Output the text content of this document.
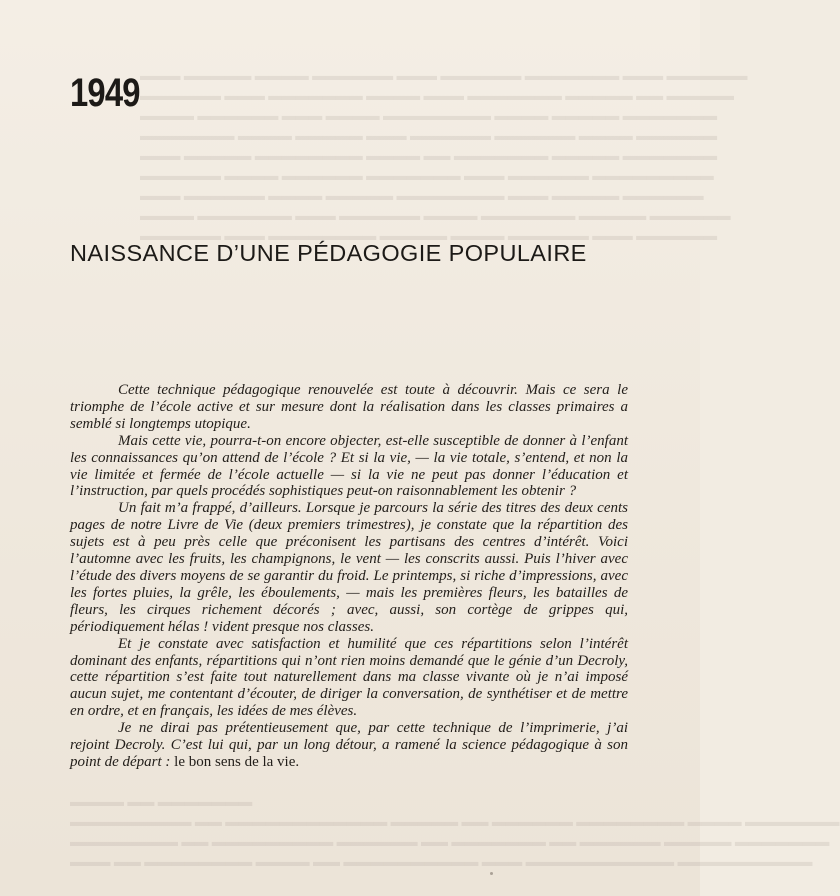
▬▬▬ ▬▬▬▬▬ ▬▬▬▬ ▬▬▬▬▬▬ ▬▬▬ ▬▬▬▬▬▬ ▬▬▬▬▬▬▬ ▬▬▬ ▬▬▬▬▬▬
▬▬▬▬▬▬ ▬▬▬ ▬▬▬▬▬▬▬ ▬▬▬▬ ▬▬▬ ▬▬▬▬▬▬▬ ▬▬▬▬▬ ▬▬ ▬▬▬▬▬
▬▬▬▬ ▬▬▬▬▬▬ ▬▬▬ ▬▬▬▬ ▬▬▬▬▬▬▬▬ ▬▬▬▬ ▬▬▬▬▬ ▬▬▬▬▬▬▬
▬▬▬▬▬▬▬ ▬▬▬▬ ▬▬▬▬▬ ▬▬▬ ▬▬▬▬▬▬ ▬▬▬▬▬▬ ▬▬▬▬ ▬▬▬▬▬▬
▬▬▬ ▬▬▬▬▬ ▬▬▬▬▬▬▬▬ ▬▬▬▬ ▬▬ ▬▬▬▬▬▬▬ ▬▬▬▬▬ ▬▬▬▬▬▬▬
▬▬▬▬▬▬ ▬▬▬▬ ▬▬▬▬▬▬ ▬▬▬▬▬▬▬ ▬▬▬ ▬▬▬▬▬▬ ▬▬▬▬▬▬▬▬▬
▬▬▬ ▬▬▬▬▬▬ ▬▬▬▬ ▬▬▬▬▬ ▬▬▬▬▬▬▬▬ ▬▬▬ ▬▬▬▬▬ ▬▬▬▬▬▬
▬▬▬▬ ▬▬▬▬▬▬▬ ▬▬▬ ▬▬▬▬▬▬ ▬▬▬▬ ▬▬▬▬▬▬▬ ▬▬▬▬▬ ▬▬▬▬▬▬
▬▬▬▬▬▬ ▬▬▬ ▬▬▬▬▬▬▬▬ ▬▬▬▬▬ ▬▬▬▬ ▬▬▬▬▬▬ ▬▬▬ ▬▬▬▬▬▬
▬▬▬▬ ▬▬ ▬▬▬▬▬▬▬
▬▬▬▬▬▬▬▬▬ ▬▬ ▬▬▬▬▬▬▬▬▬▬▬▬ ▬▬▬▬▬ ▬▬ ▬▬▬▬▬▬ ▬▬▬▬▬▬▬▬ ▬▬▬▬ ▬▬▬▬▬▬▬
▬▬▬▬▬▬▬▬ ▬▬ ▬▬▬▬▬▬▬▬▬ ▬▬▬▬▬▬ ▬▬ ▬▬▬▬▬▬▬ ▬▬ ▬▬▬▬▬▬ ▬▬▬▬▬ ▬▬▬▬▬▬▬
▬▬▬ ▬▬ ▬▬▬▬▬▬▬▬ ▬▬▬▬ ▬▬ ▬▬▬▬▬▬▬▬▬▬ ▬▬▬ ▬▬▬▬▬▬▬▬▬▬▬ ▬▬▬▬▬▬▬▬▬▬
1949
NAISSANCE D’UNE PÉDAGOGIE POPULAIRE

Cette technique pédagogique renouvelée est toute à découvrir. Mais ce sera le triomphe de l’école active et sur mesure dont la réalisation dans les classes primaires a semblé si longtemps utopique.

Mais cette vie, pourra-t-on encore objecter, est-elle susceptible de donner à l’enfant les connaissances qu’on attend de l’école ? Et si la vie, — la vie totale, s’entend, et non la vie limitée et fermée de l’école actuelle — si la vie ne peut pas donner l’éducation et l’instruction, par quels procédés sophistiques peut-on raisonnablement les obtenir ?

Un fait m’a frappé, d’ailleurs. Lorsque je parcours la série des titres des deux cents pages de notre Livre de Vie (deux premiers trimestres), je constate que la répartition des sujets est à peu près celle que préconisent les partisans des centres d’intérêt. Voici l’automne avec les fruits, les champignons, le vent — les conscrits aussi. Puis l’hiver avec l’étude des divers moyens de se garantir du froid. Le printemps, si riche d’impressions, avec les fortes pluies, la grêle, les éboulements, — mais les premières fleurs, les batailles de fleurs, les cirques richement décorés ; avec, aussi, son cortège de grippes qui, périodiquement hélas ! vident presque nos classes.

Et je constate avec satisfaction et humilité que ces répartitions selon l’intérêt dominant des enfants, répartitions qui n’ont rien moins demandé que le génie d’un Decroly, cette répartition s’est faite tout naturellement dans ma classe vivante où je n’ai imposé aucun sujet, me contentant d’écouter, de diriger la conversation, de synthétiser et de mettre en ordre, et en français, les idées de mes élèves.

Je ne dirai pas prétentieusement que, par cette technique de l’imprimerie, j’ai rejoint Decroly. C’est lui qui, par un long détour, a ramené la science pédagogique à son point de départ : le bon sens de la vie.
